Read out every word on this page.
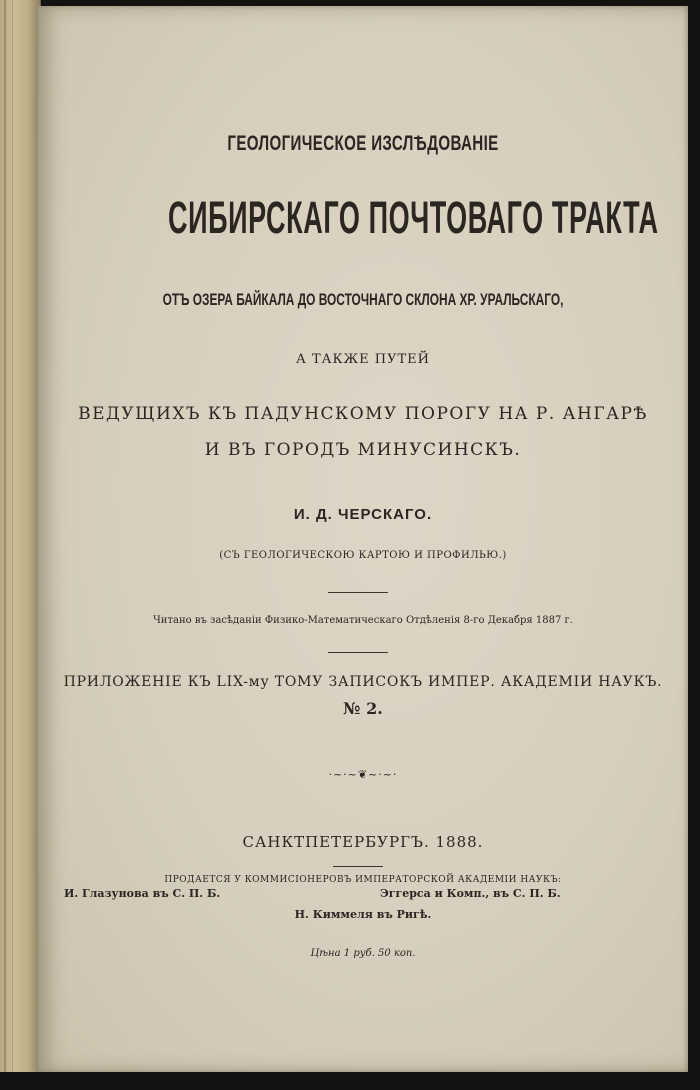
ГЕОЛОГИЧЕСКОЕ ИЗСЛѢДОВАНІЕ
СИБИРСКАГО ПОЧТОВАГО ТРАКТА
ОТЪ ОЗЕРА БАЙКАЛА ДО ВОСТОЧНАГО СКЛОНА ХР. УРАЛЬСКАГО,
А ТАКЖЕ ПУТЕЙ
ВЕДУЩИХЪ КЪ ПАДУНСКОМУ ПОРОГУ НА Р. АНГАРѢ
И ВЪ ГОРОДЪ МИНУСИНСКЪ.
И. Д. ЧЕРСКАГО.
(СЪ ГЕОЛОГИЧЕСКОЮ КАРТОЮ И ПРОФИЛЬЮ.)
Читано въ засѣданіи Физико-Математическаго Отдѣленія 8-го Декабря 1887 г.
ПРИЛОЖЕНІЕ КЪ LIX-му ТОМУ ЗАПИСОКЪ ИМПЕР. АКАДЕМІИ НАУКЪ.
№ 2.
·~·~❦~·~·
САНКТПЕТЕРБУРГЪ. 1888.
ПРОДАЕТСЯ У КОММИСІОНЕРОВЪ ИМПЕРАТОРСКОЙ АКАДЕМІИ НАУКЪ:
И. Глазунова въ С. П. Б.	Эггерса и Комп., въ С. П. Б.
Н. Киммеля въ Ригѣ.
Цѣна 1 руб. 50 коп.
